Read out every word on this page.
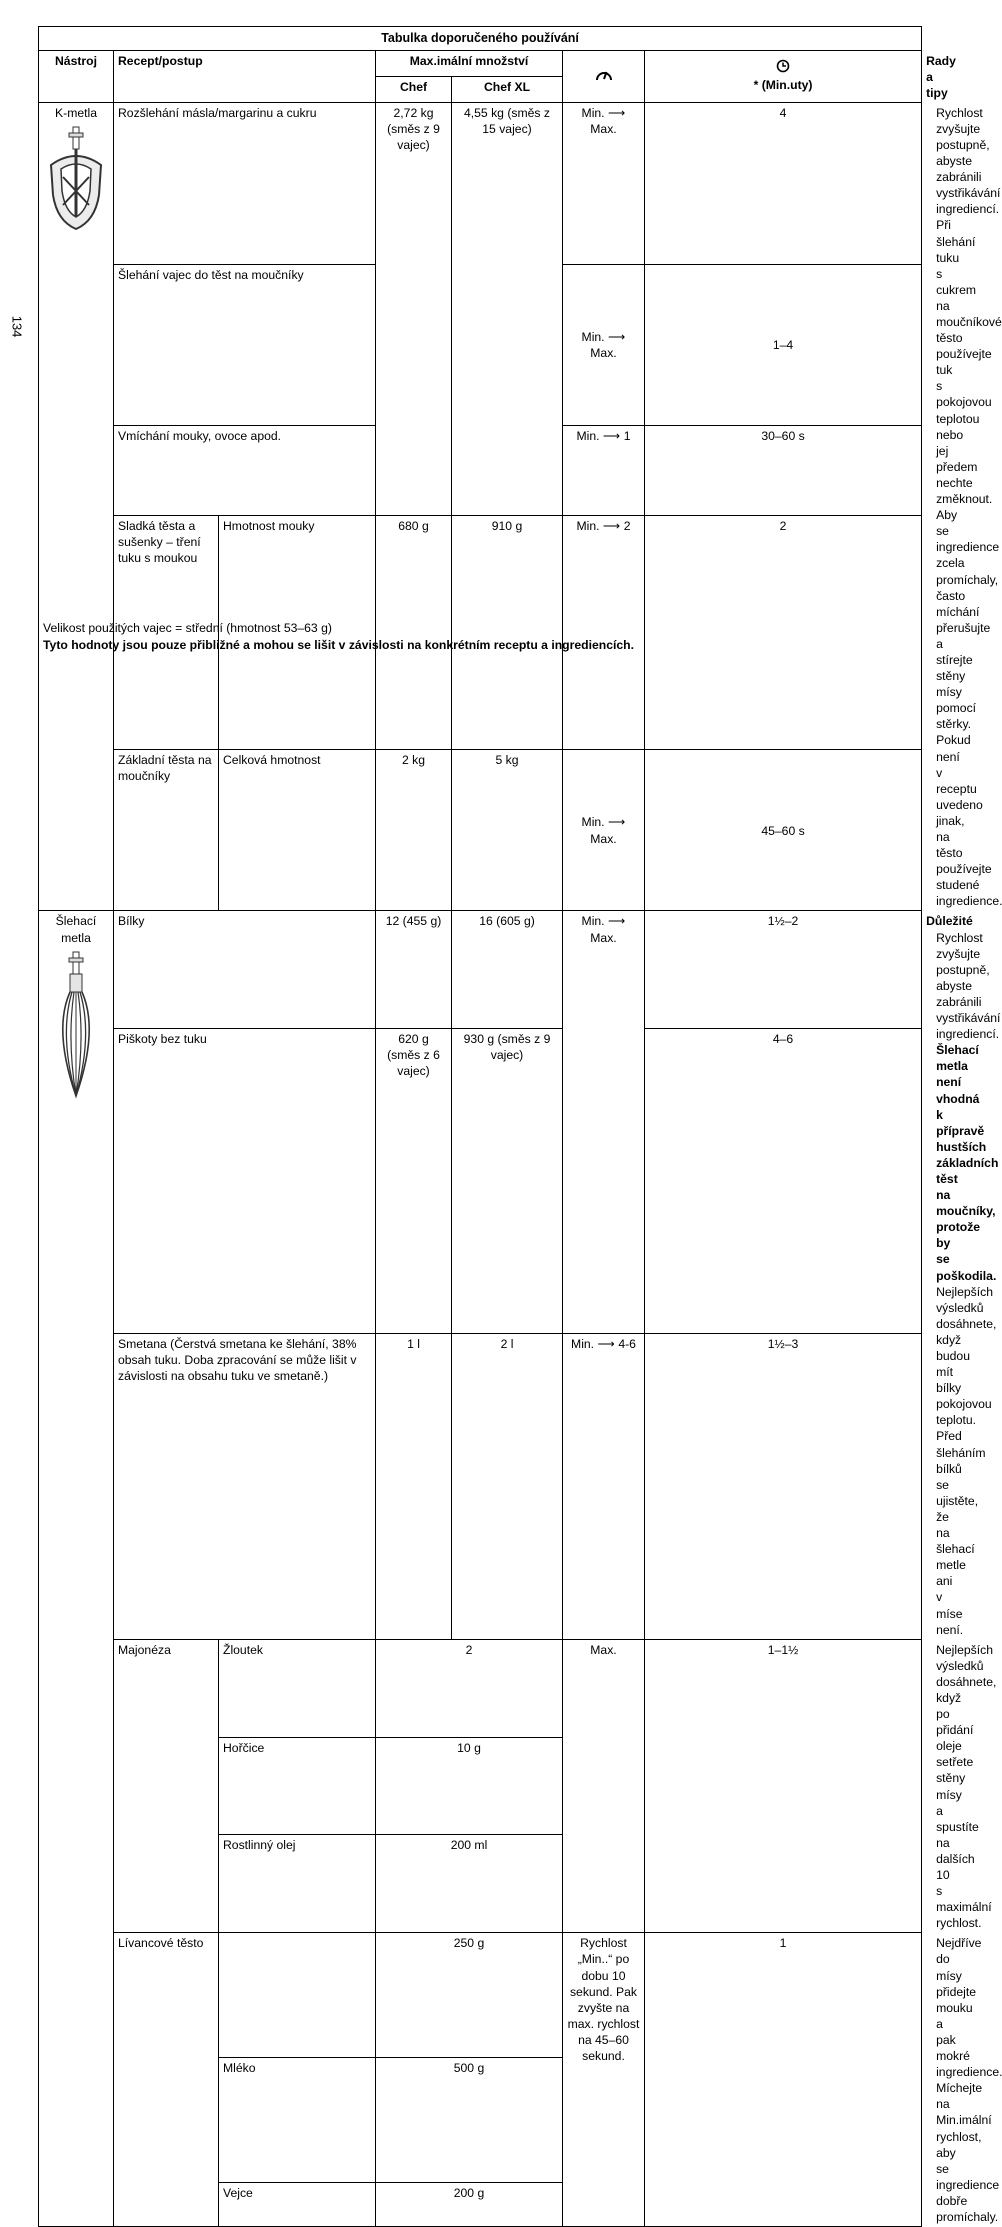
134
Tabulka doporučeného používání							
Nástroj	Recept/postup		Max.imální množství			* (Min.uty)	Rady a tipy
			Chef	Chef XL			

K-metla	Rozšlehání másla/margarinu a cukru		2,72 kg (směs z 9 vajec)	4,55 kg (směs z 15 vajec)	Min. ⟶ Max.	4	Rychlost zvyšujte postupně, abyste zabránili vystřikávání ingrediencí.
Při šlehání tuku s cukrem na moučníkové těsto používejte tuk s pokojovou teplotou nebo jej předem nechte změknout.
Aby se ingredience zcela promíchaly, často míchání přerušujte a stírejte stěny mísy pomocí stěrky.
Pokud není v receptu uvedeno jinak, na těsto používejte studené ingredience.

	Šlehání vajec do těst na moučníky				Min. ⟶ Max.	1–4	
	Vmíchání mouky, ovoce apod.				Min. ⟶ 1	30–60 s	
	Sladká těsta a sušenky – tření tuku s moukou	Hmotnost mouky	680 g	910 g	Min. ⟶ 2	2	
	Základní těsta na moučníky	Celková hmotnost	2 kg	5 kg	Min. ⟶ Max.	45–60 s	

Šlehací metla	Bílky		12 (455 g)	16 (605 g)	Min. ⟶ Max.	1½–2	Důležité
Rychlost zvyšujte postupně, abyste zabránili vystřikávání ingrediencí.
Šlehací metla není vhodná k přípravě hustších základních těst na moučníky, protože by se poškodila.
Nejlepších výsledků dosáhnete, když budou mít bílky pokojovou teplotu.
Před šleháním bílků se ujistěte, že na šlehací metle ani v míse není.

	Piškoty bez tuku		620 g (směs z 6 vajec)	930 g (směs z 9 vajec)		4–6	
	Smetana (Čerstvá smetana ke šlehání, 38% obsah tuku. Doba zpracování se může lišit v závislosti na obsahu tuku ve smetaně.)		1 l	2 l	Min. ⟶ 4-6	1½–3	
	Majonéza	Žloutek	2		Max.	1–1½	Nejlepších výsledků dosáhnete, když po přidání oleje setřete stěny mísy a spustíte na dalších 10 s maximální rychlost.
		Hořčice	10 g				
		Rostlinný olej	200 ml				
	Lívancové těsto		250 g		Rychlost „Min..“ po dobu 10 sekund. Pak zvyšte na max. rychlost na 45–60 sekund.	1	Nejdříve do mísy přidejte mouku a pak mokré ingredience.
Míchejte na Min.imální rychlost, aby se ingredience dobře promíchaly.

		Mléko	500 g				
		Vejce	200 g				
Velikost použitých vajec = střední (hmotnost 53–63 g)
Tyto hodnoty jsou pouze přibližné a mohou se lišit v závislosti na konkrétním receptu a ingrediencích.
